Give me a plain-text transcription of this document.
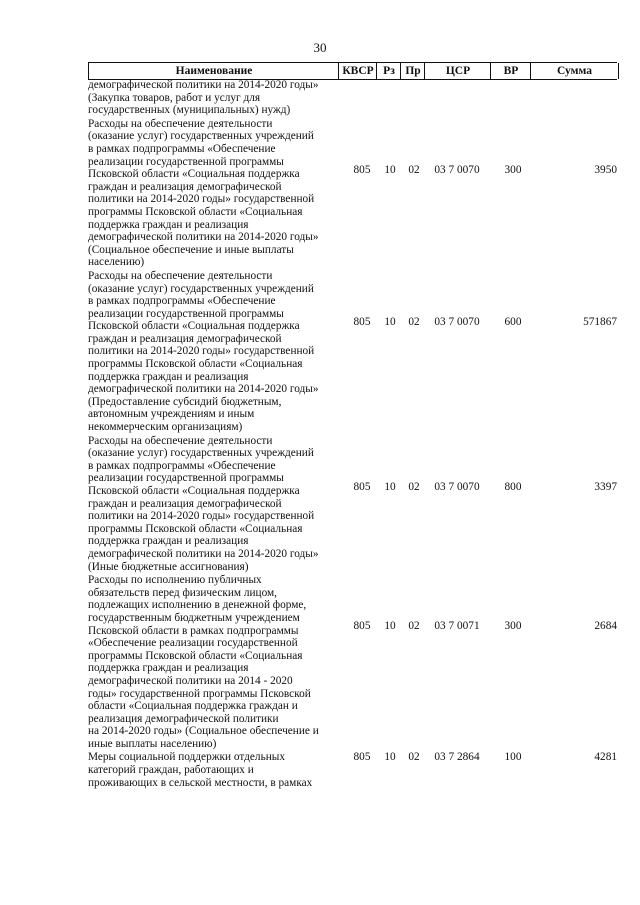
30
Наименование	КВСР Рз Пр	ЦСР	ВР	Сумма
демографической политики на 2014-2020 годы»
(Закупка товаров, работ и услуг для
государственных (муниципальных) нужд)
Расходы на обеспечение деятельности
(оказание услуг) государственных учреждений
в рамках подпрограммы «Обеспечение
реализации государственной программы
Псковской области «Социальная поддержка
граждан и реализация демографической
политики на 2014-2020 годы» государственной
программы Псковской области «Социальная
поддержка граждан и реализация
демографической политики на 2014-2020 годы»
(Социальное обеспечение и иные выплаты
населению)
805	10 02	03 7 0070	300	3950
Расходы на обеспечение деятельности
(оказание услуг) государственных учреждений
в рамках подпрограммы «Обеспечение
реализации государственной программы
Псковской области «Социальная поддержка
граждан и реализация демографической
политики на 2014-2020 годы» государственной
программы Псковской области «Социальная
поддержка граждан и реализация
демографической политики на 2014-2020 годы»
(Предоставление субсидий бюджетным,
автономным учреждениям и иным
некоммерческим организациям)
805	10 02	03 7 0070	600	571867
Расходы на обеспечение деятельности
(оказание услуг) государственных учреждений
в рамках подпрограммы «Обеспечение
реализации государственной программы
Псковской области «Социальная поддержка
граждан и реализация демографической
политики на 2014-2020 годы» государственной
программы Псковской области «Социальная
поддержка граждан и реализация
демографической политики на 2014-2020 годы»
(Иные бюджетные ассигнования)
805	10 02	03 7 0070	800	3397
Расходы по исполнению публичных
обязательств перед физическим лицом,
подлежащих исполнению в денежной форме,
государственным бюджетным учреждением
Псковской области в рамках подпрограммы
«Обеспечение реализации государственной
программы Псковской области «Социальная
поддержка граждан и реализация
демографической политики на 2014 - 2020
годы» государственной программы Псковской
области «Социальная поддержка граждан и
реализация демографической политики
на 2014-2020 годы» (Социальное обеспечение и
иные выплаты населению)
805	10 02	03 7 0071	300	2684
Меры социальной поддержки отдельных
категорий граждан, работающих и
проживающих в сельской местности, в рамках
805	10 02	03 7 2864	100	4281
